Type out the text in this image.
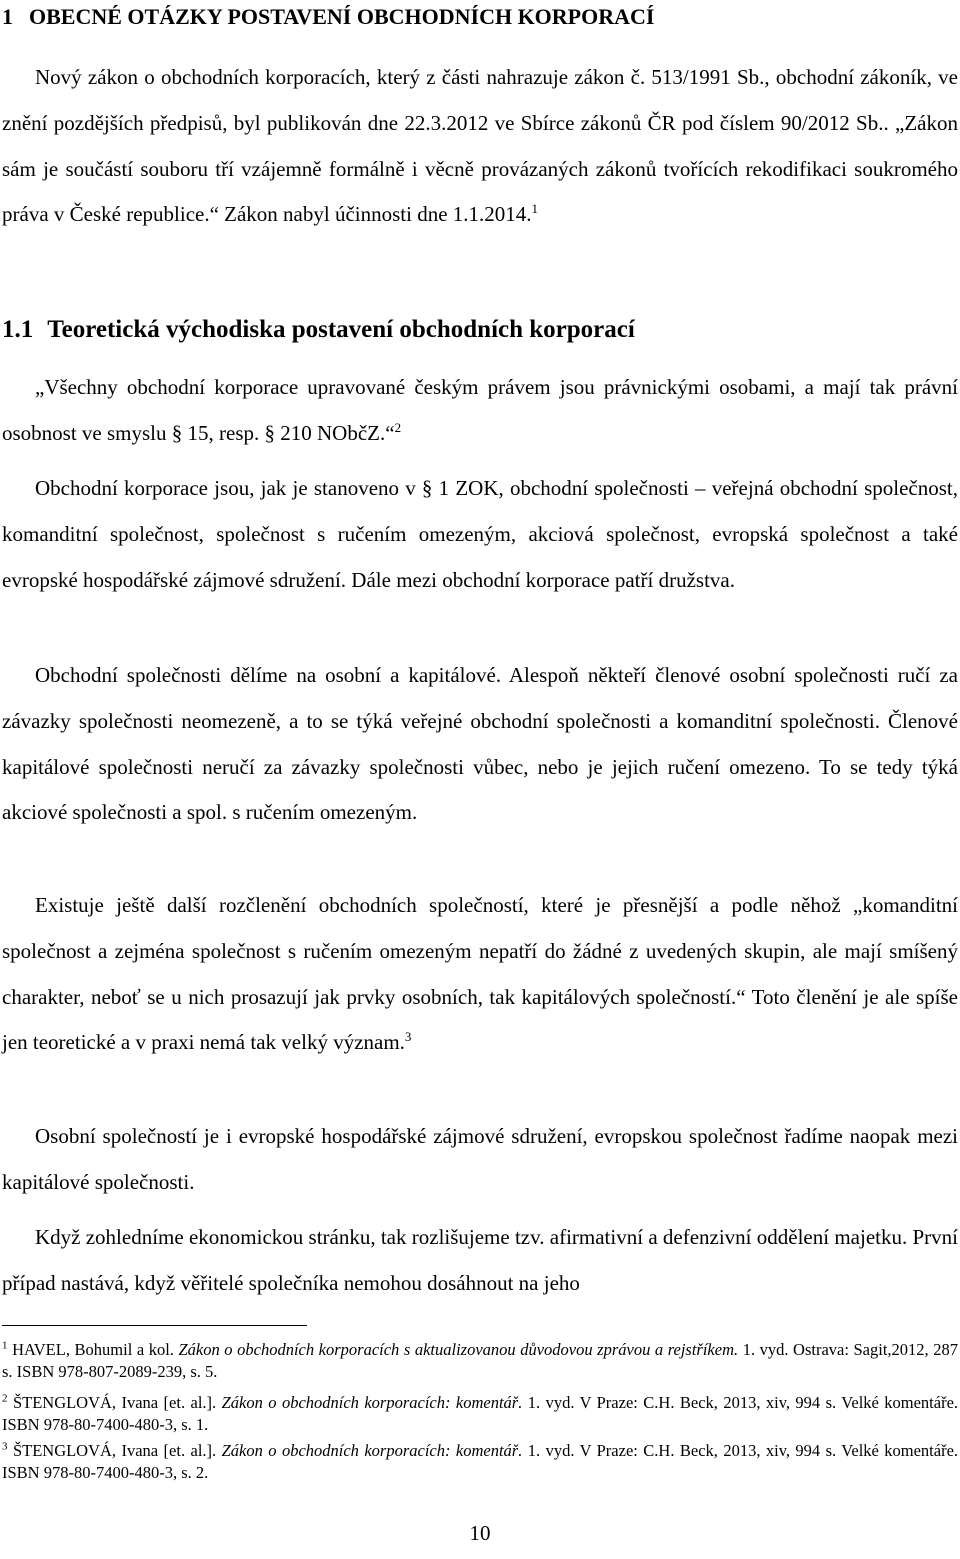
1 OBECNÉ OTÁZKY POSTAVENÍ OBCHODNÍCH KORPORACÍ

Nový zákon o obchodních korporacích, který z části nahrazuje zákon č. 513/1991 Sb., obchodní zákoník, ve znění pozdějších předpisů, byl publikován dne 22.3.2012 ve Sbírce zákonů ČR pod číslem 90/2012 Sb.. „Zákon sám je součástí souboru tří vzájemně formálně i věcně provázaných zákonů tvořících rekodifikaci soukromého práva v České republice.“ Zákon nabyl účinnosti dne 1.1.2014.$^1$

1.1 Teoretická východiska postavení obchodních korporací

„Všechny obchodní korporace upravované českým právem jsou právnickými osobami, a mají tak právní osobnost ve smyslu § 15, resp. § 210 NObčZ.“$^2$

Obchodní korporace jsou, jak je stanoveno v § 1 ZOK, obchodní společnosti – veřejná obchodní společnost, komanditní společnost, společnost s ručením omezeným, akciová společnost, evropská společnost a také evropské hospodářské zájmové sdružení. Dále mezi obchodní korporace patří družstva.

Obchodní společnosti dělíme na osobní a kapitálové. Alespoň někteří členové osobní společnosti ručí za závazky společnosti neomezeně, a to se týká veřejné obchodní společnosti a komanditní společnosti. Členové kapitálové společnosti neručí za závazky společnosti vůbec, nebo je jejich ručení omezeno. To se tedy týká akciové společnosti a spol. s ručením omezeným.

Existuje ještě další rozčlenění obchodních společností, které je přesnější a podle něhož „komanditní společnost a zejména společnost s ručením omezeným nepatří do žádné z uvedených skupin, ale mají smíšený charakter, neboť se u nich prosazují jak prvky osobních, tak kapitálových společností.“ Toto členění je ale spíše jen teoretické a v praxi nemá tak velký význam.$^3$

Osobní společností je i evropské hospodářské zájmové sdružení, evropskou společnost řadíme naopak mezi kapitálové společnosti.

Když zohledníme ekonomickou stránku, tak rozlišujeme tzv. afirmativní a defenzivní oddělení majetku. První případ nastává, když věřitelé společníka nemohou dosáhnout na jeho

$^1$ HAVEL, Bohumil a kol. Zákon o obchodních korporacích s aktualizovanou důvodovou zprávou a rejstříkem. 1. vyd. Ostrava: Sagit,2012, 287 s. ISBN 978-807-2089-239, s. 5.

$^2$ ŠTENGLOVÁ, Ivana [et. al.]. Zákon o obchodních korporacích: komentář. 1. vyd. V Praze: C.H. Beck, 2013, xiv, 994 s. Velké komentáře. ISBN 978-80-7400-480-3, s. 1.

$^3$ ŠTENGLOVÁ, Ivana [et. al.]. Zákon o obchodních korporacích: komentář. 1. vyd. V Praze: C.H. Beck, 2013, xiv, 994 s. Velké komentáře. ISBN 978-80-7400-480-3, s. 2.

10
